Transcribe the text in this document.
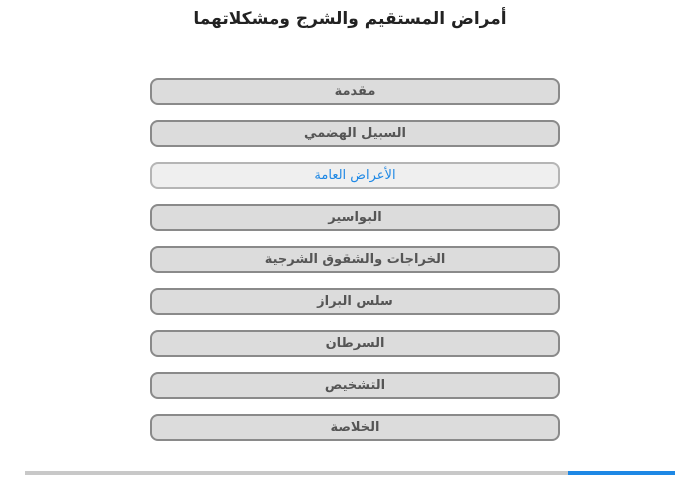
أمراض المستقيم والشرج ومشكلاتهما
مقدمة
السبيل الهضمي
الأعراض العامة
البواسير
الخراجات والشقوق الشرجية
سلس البراز
السرطان
التشخيص
الخلاصة
